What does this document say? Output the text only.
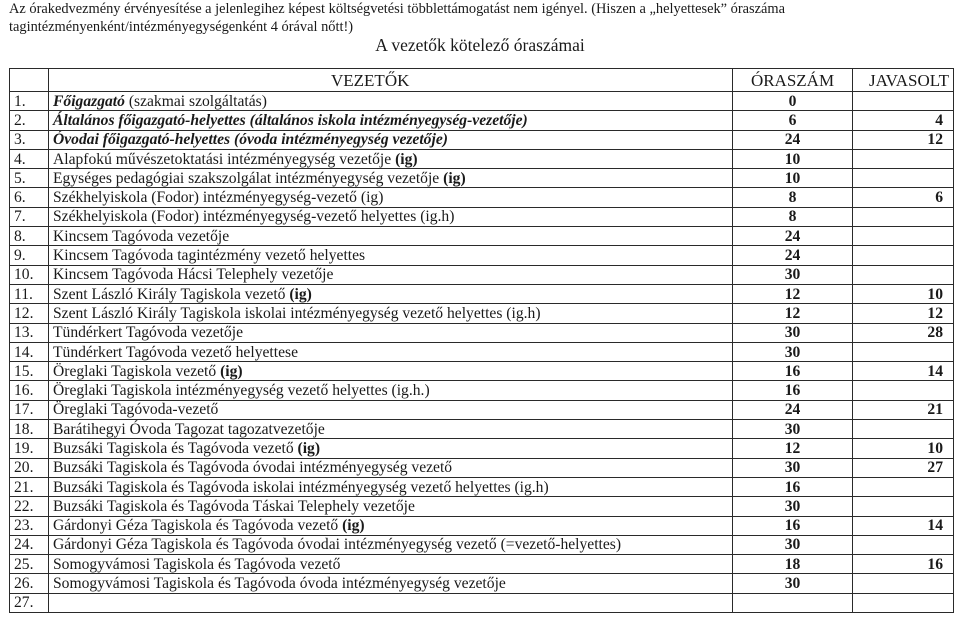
Az órakedvezmény érvényesítése a jelenlegihez képest költségvetési többlettámogatást nem igényel. (Hiszen a „helyettesek” óraszáma
tagintézményenként/intézményegységenként 4 órával nőtt!)

A vezetők kötelező óraszámai
	VEZETŐK	ÓRASZÁM	JAVASOLT
1.	Főigazgató (szakmai szolgáltatás)	0	
2.	Általános főigazgató-helyettes (általános iskola intézményegység-vezetője)	6	4
3.	Óvodai főigazgató-helyettes (óvoda intézményegység vezetője)	24	12
4.	Alapfokú művészetoktatási intézményegység vezetője (ig)	10	
5.	Egységes pedagógiai szakszolgálat intézményegység vezetője (ig)	10	
6.	Székhelyiskola (Fodor) intézményegység-vezető (ig)	8	6
7.	Székhelyiskola (Fodor) intézményegység-vezető helyettes (ig.h)	8	
8.	Kincsem Tagóvoda vezetője	24	
9.	Kincsem Tagóvoda tagintézmény vezető helyettes	24	
10.	Kincsem Tagóvoda Hácsi Telephely vezetője	30	
11.	Szent László Király Tagiskola vezető (ig)	12	10
12.	Szent László Király Tagiskola iskolai intézményegység vezető helyettes (ig.h)	12	12
13.	Tündérkert Tagóvoda vezetője	30	28
14.	Tündérkert Tagóvoda vezető helyettese	30	
15.	Öreglaki Tagiskola vezető (ig)	16	14
16.	Öreglaki Tagiskola intézményegység vezető helyettes (ig.h.)	16	
17.	Öreglaki Tagóvoda-vezető	24	21
18.	Barátihegyi Óvoda Tagozat tagozatvezetője	30	
19.	Buzsáki Tagiskola és Tagóvoda vezető (ig)	12	10
20.	Buzsáki Tagiskola és Tagóvoda óvodai intézményegység vezető	30	27
21.	Buzsáki Tagiskola és Tagóvoda iskolai intézményegység vezető helyettes (ig.h)	16	
22.	Buzsáki Tagiskola és Tagóvoda Táskai Telephely vezetője	30	
23.	Gárdonyi Géza Tagiskola és Tagóvoda vezető (ig)	16	14
24.	Gárdonyi Géza Tagiskola és Tagóvoda óvodai intézményegység vezető (=vezető-helyettes)	30	
25.	Somogyvámosi Tagiskola és Tagóvoda vezető	18	16
26.	Somogyvámosi Tagiskola és Tagóvoda óvoda intézményegység vezetője	30	
27.			
